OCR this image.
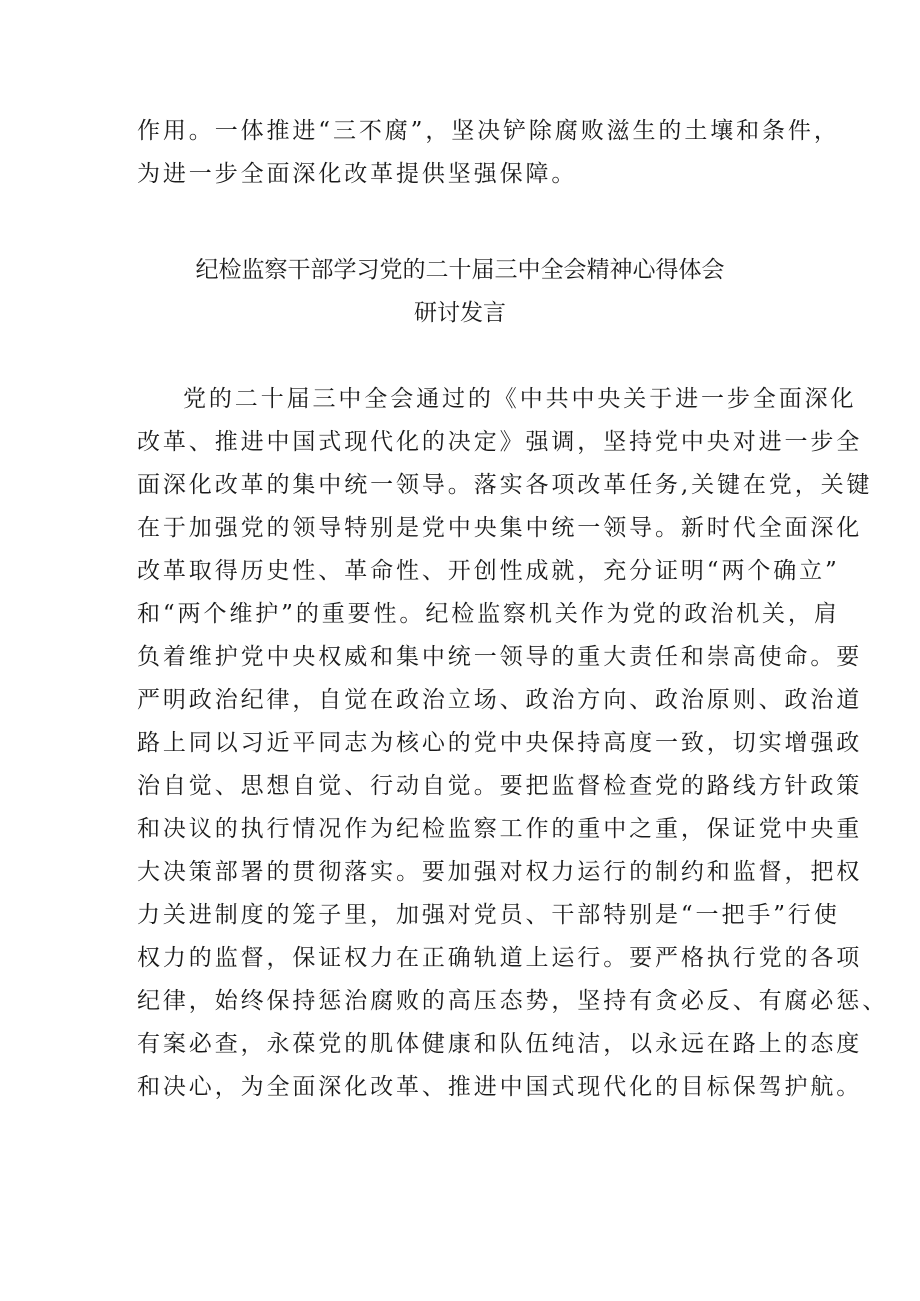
作用。一体推进“三不腐”，坚决铲除腐败滋生的土壤和条件，
为进一步全面深化改革提供坚强保障。
纪检监察干部学习党的二十届三中全会精神心得体会
研讨发言
党的二十届三中全会通过的《中共中央关于进一步全面深化
改革、推进中国式现代化的决定》强调，坚持党中央对进一步全
面深化改革的集中统一领导。落实各项改革任务,关键在党，关键
在于加强党的领导特别是党中央集中统一领导。新时代全面深化
改革取得历史性、革命性、开创性成就，充分证明“两个确立”
和“两个维护”的重要性。纪检监察机关作为党的政治机关，肩
负着维护党中央权威和集中统一领导的重大责任和崇高使命。要
严明政治纪律，自觉在政治立场、政治方向、政治原则、政治道
路上同以习近平同志为核心的党中央保持高度一致，切实增强政
治自觉、思想自觉、行动自觉。要把监督检查党的路线方针政策
和决议的执行情况作为纪检监察工作的重中之重，保证党中央重
大决策部署的贯彻落实。要加强对权力运行的制约和监督，把权
力关进制度的笼子里，加强对党员、干部特别是“一把手”行使
权力的监督，保证权力在正确轨道上运行。要严格执行党的各项
纪律，始终保持惩治腐败的高压态势，坚持有贪必反、有腐必惩、
有案必查，永葆党的肌体健康和队伍纯洁，以永远在路上的态度
和决心，为全面深化改革、推进中国式现代化的目标保驾护航。
